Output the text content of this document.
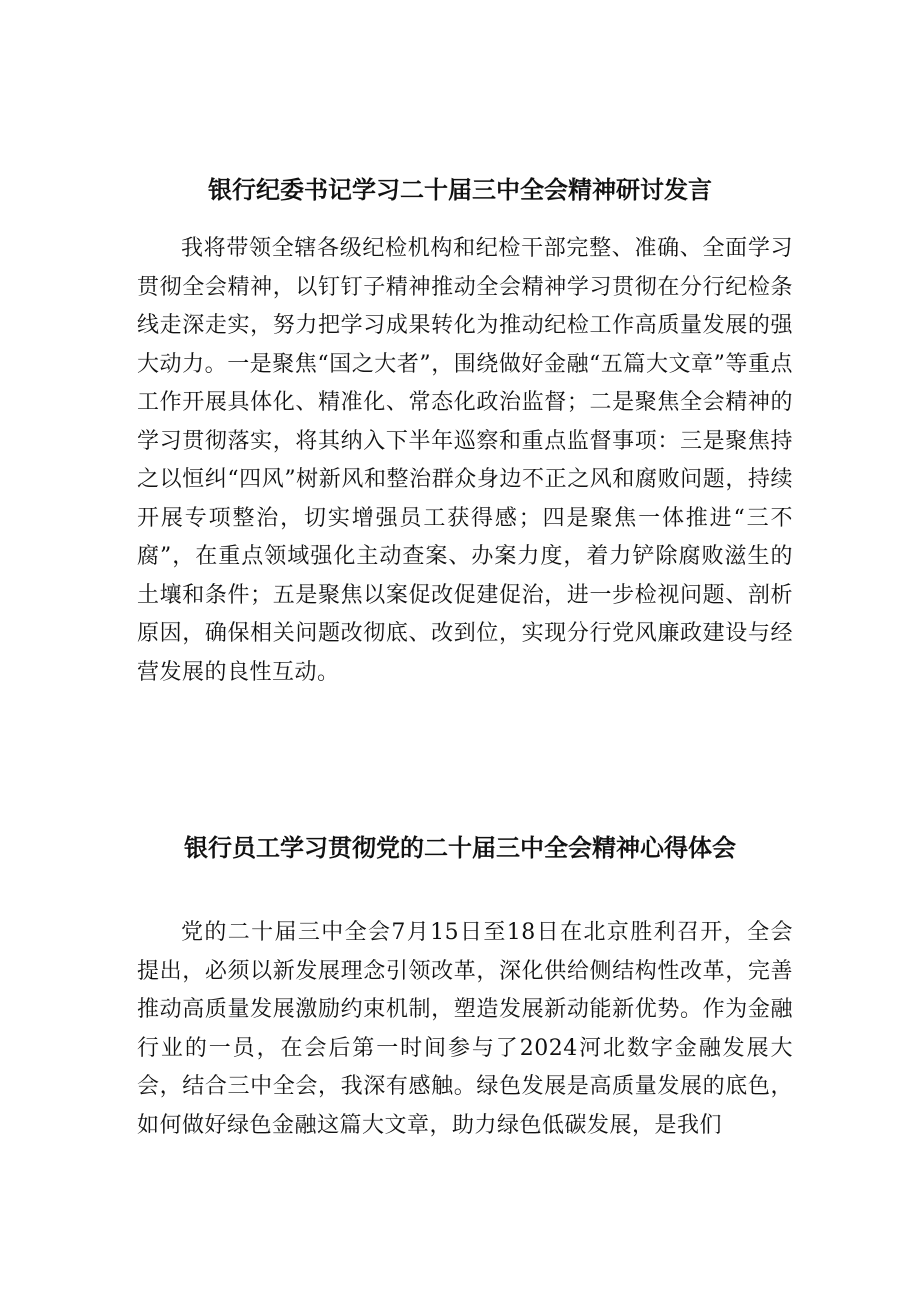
银行纪委书记学习二十届三中全会精神研讨发言

我将带领全辖各级纪检机构和纪检干部完整、准确、全面学习贯彻全会精神，以钉钉子精神推动全会精神学习贯彻在分行纪检条线走深走实，努力把学习成果转化为推动纪检工作高质量发展的强大动力。一是聚焦“国之大者”，围绕做好金融“五篇大文章”等重点工作开展具体化、精准化、常态化政治监督；二是聚焦全会精神的学习贯彻落实，将其纳入下半年巡察和重点监督事项：三是聚焦持之以恒纠“四风”树新风和整治群众身边不正之风和腐败问题，持续开展专项整治，切实增强员工获得感；四是聚焦一体推进“三不腐”，在重点领域强化主动查案、办案力度，着力铲除腐败滋生的土壤和条件；五是聚焦以案促改促建促治，进一步检视问题、剖析原因，确保相关问题改彻底、改到位，实现分行党风廉政建设与经营发展的良性互动。

银行员工学习贯彻党的二十届三中全会精神心得体会

党的二十届三中全会7月15日至18日在北京胜利召开，全会提出，必须以新发展理念引领改革，深化供给侧结构性改革，完善推动高质量发展激励约束机制，塑造发展新动能新优势。作为金融行业的一员，在会后第一时间参与了2024河北数字金融发展大会，结合三中全会，我深有感触。绿色发展是高质量发展的底色，如何做好绿色金融这篇大文章，助力绿色低碳发展，是我们
